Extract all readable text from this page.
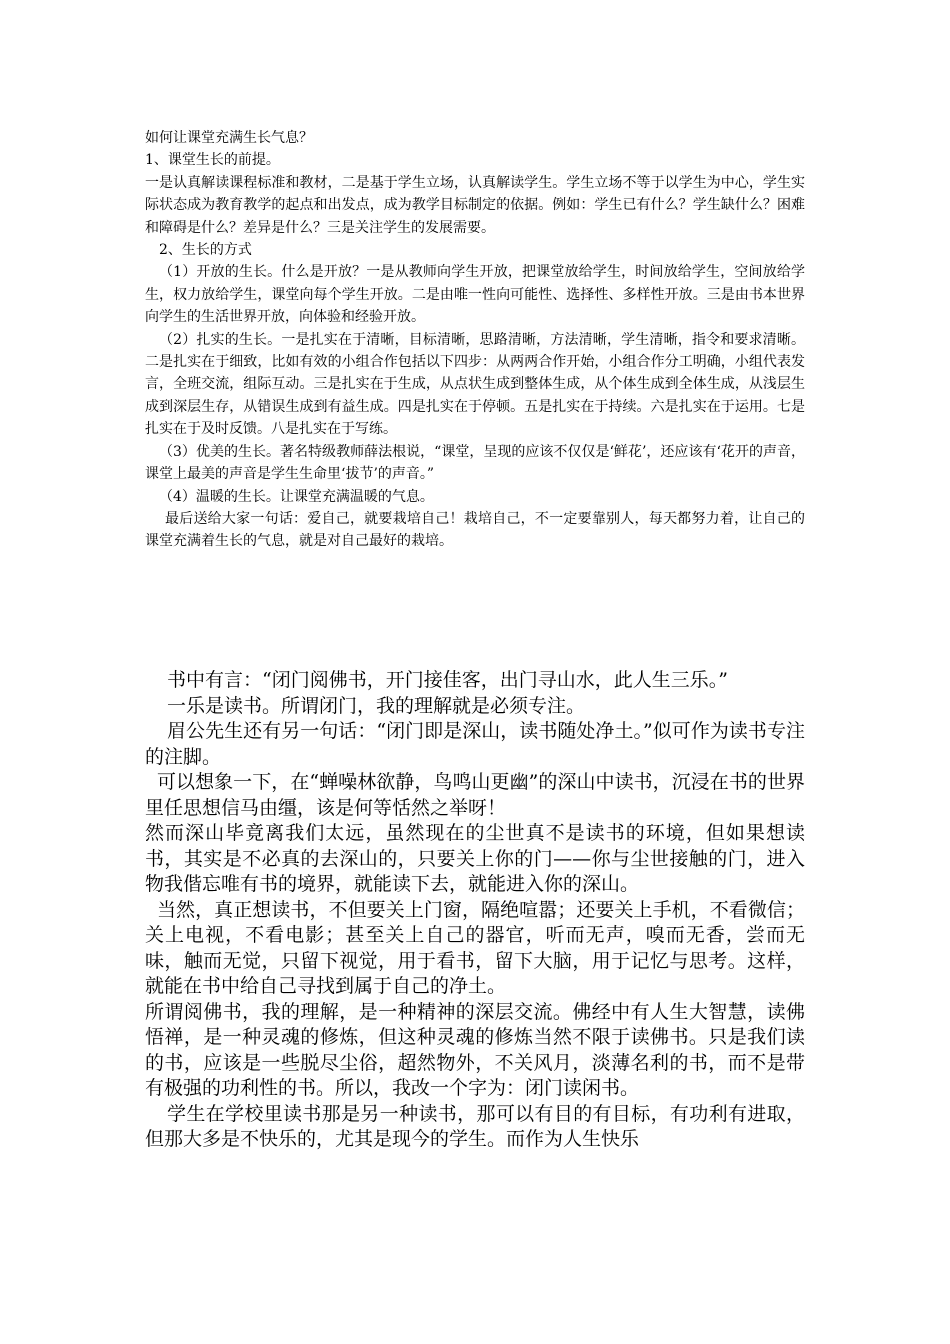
如何让课堂充满生长气息？

1、课堂生长的前提。

一是认真解读课程标准和教材，二是基于学生立场，认真解读学生。学生立场不等于以学生为中心，学生实际状态成为教育教学的起点和出发点，成为教学目标制定的依据。例如：学生已有什么？学生缺什么？困难和障碍是什么？差异是什么？三是关注学生的发展需要。

　2、生长的方式

（1）开放的生长。什么是开放？一是从教师向学生开放，把课堂放给学生，时间放给学生，空间放给学生，权力放给学生，课堂向每个学生开放。二是由唯一性向可能性、选择性、多样性开放。三是由书本世界向学生的生活世界开放，向体验和经验开放。

（2）扎实的生长。一是扎实在于清晰，目标清晰，思路清晰，方法清晰，学生清晰，指令和要求清晰。二是扎实在于细致，比如有效的小组合作包括以下四步：从两两合作开始，小组合作分工明确，小组代表发言，全班交流，组际互动。三是扎实在于生成，从点状生成到整体生成，从个体生成到全体生成，从浅层生成到深层生存，从错误生成到有益生成。四是扎实在于停顿。五是扎实在于持续。六是扎实在于运用。七是扎实在于及时反馈。八是扎实在于写练。

（3）优美的生长。著名特级教师薛法根说，“课堂，呈现的应该不仅仅是‘鲜花’，还应该有‘花开的声音，课堂上最美的声音是学生生命里‘拔节’的声音。”

（4）温暖的生长。让课堂充满温暖的气息。

最后送给大家一句话：爱自己，就要栽培自己！栽培自己，不一定要靠别人，每天都努力着，让自己的课堂充满着生长的气息，就是对自己最好的栽培。

书中有言：“闭门阅佛书，开门接佳客，出门寻山水，此人生三乐。”

一乐是读书。所谓闭门，我的理解就是必须专注。

眉公先生还有另一句话：“闭门即是深山，读书随处净土。”似可作为读书专注的注脚。

可以想象一下，在“蝉噪林欲静，鸟鸣山更幽”的深山中读书，沉浸在书的世界里任思想信马由缰，该是何等恬然之举呀！

然而深山毕竟离我们太远，虽然现在的尘世真不是读书的环境，但如果想读书，其实是不必真的去深山的，只要关上你的门——你与尘世接触的门，进入物我偕忘唯有书的境界，就能读下去，就能进入你的深山。

当然，真正想读书，不但要关上门窗，隔绝喧嚣；还要关上手机，不看微信；关上电视，不看电影；甚至关上自己的器官，听而无声，嗅而无香，尝而无味，触而无觉，只留下视觉，用于看书，留下大脑，用于记忆与思考。这样，就能在书中给自己寻找到属于自己的净土。

所谓阅佛书，我的理解，是一种精神的深层交流。佛经中有人生大智慧，读佛悟禅，是一种灵魂的修炼，但这种灵魂的修炼当然不限于读佛书。只是我们读的书，应该是一些脱尽尘俗，超然物外，不关风月，淡薄名利的书，而不是带有极强的功利性的书。所以，我改一个字为：闭门读闲书。

学生在学校里读书那是另一种读书，那可以有目的有目标，有功利有进取，但那大多是不快乐的，尤其是现今的学生。而作为人生快乐
